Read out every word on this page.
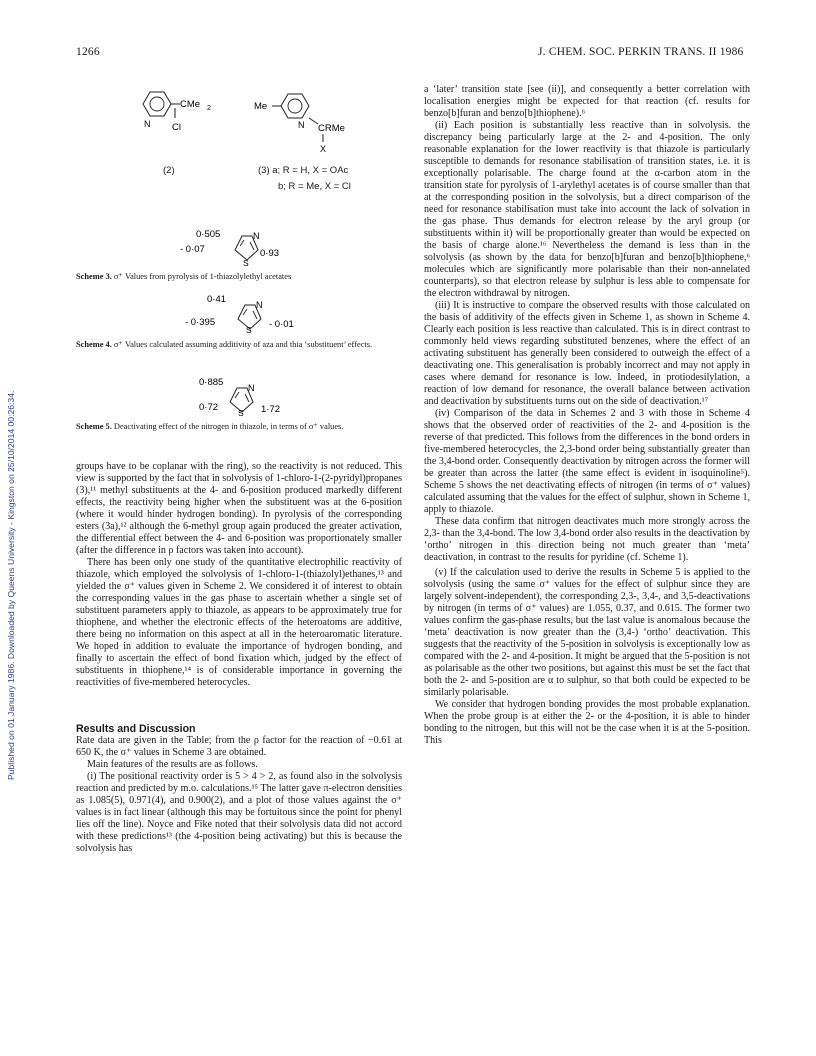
1266	J. CHEM. SOC. PERKIN TRANS. II 1986
Published on 01 January 1986. Downloaded by Queens University - Kingston on 25/10/2014 00:26:34.
CMe 2
N Cl
(2)
Me
N CRMe
X
(3) a; R = H, X = OAc
b; R = Me, X = Cl
0·505
- 0·07	0·93
N
S
Scheme 3. σ⁺ Values from pyrolysis of 1-thiazolylethyl acetates
0·41
- 0·395	- 0·01
N
S
Scheme 4. σ⁺ Values calculated assuming additivity of aza and thia ‘substituent’ effects.
0·885
0·72	1·72
N
S
Scheme 5. Deactivating effect of the nitrogen in thiazole, in terms of σ⁺ values.

groups have to be coplanar with the ring), so the reactivity is not reduced. This view is supported by the fact that in solvolysis of 1-chloro-1-(2-pyridyl)propanes (3),¹¹ methyl substituents at the 4- and 6-position produced markedly different effects, the reactivity being higher when the substituent was at the 6-position (where it would hinder hydrogen bonding). In pyrolysis of the corresponding esters (3a),¹² although the 6-methyl group again produced the greater activation, the differential effect between the 4- and 6-position was proportionately smaller (after the difference in ρ factors was taken into account).

There has been only one study of the quantitative electrophilic reactivity of thiazole, which employed the solvolysis of 1-chloro-1-(thiazolyl)ethanes,¹³ and yielded the σ⁺ values given in Scheme 2. We considered it of interest to obtain the corresponding values in the gas phase to ascertain whether a single set of substituent parameters apply to thiazole, as appears to be approximately true for thiophene, and whether the electronic effects of the heteroatoms are additive, there being no information on this aspect at all in the heteroaromatic literature. We hoped in addition to evaluate the importance of hydrogen bonding, and finally to ascertain the effect of bond fixation which, judged by the effect of substituents in thiophene,¹⁴ is of considerable importance in governing the reactivities of five-membered heterocycles.

Results and Discussion

Rate data are given in the Table; from the ρ factor for the reaction of −0.61 at 650 K, the σ⁺ values in Scheme 3 are obtained.

Main features of the results are as follows.

(i) The positional reactivity order is 5 > 4 > 2, as found also in the solvolysis reaction and predicted by m.o. calculations.¹⁵ The latter gave π-electron densities as 1.085(5), 0.971(4), and 0.900(2), and a plot of those values against the σ⁺ values is in fact linear (although this may be fortuitous since the point for phenyl lies off the line). Noyce and Fike noted that their solvolysis data did not accord with these predictions¹³ (the 4-position being activating) but this is because the solvolysis has

a ‘later’ transition state [see (ii)], and consequently a better correlation with localisation energies might be expected for that reaction (cf. results for benzo[b]furan and benzo[b]thiophene).⁶

(ii) Each position is substantially less reactive than in solvolysis. the discrepancy being particularly large at the 2- and 4-position. The only reasonable explanation for the lower reactivity is that thiazole is particularly susceptible to demands for resonance stabilisation of transition states, i.e. it is exceptionally polarisable. The charge found at the α-carbon atom in the transition state for pyrolysis of 1-arylethyl acetates is of course smaller than that at the corresponding position in the solvolysis, but a direct comparison of the need for resonance stabilisation must take into account the lack of solvation in the gas phase. Thus demands for electron release by the aryl group (or substituents within it) will be proportionally greater than would be expected on the basis of charge alone.¹⁶ Nevertheless the demand is less than in the solvolysis (as shown by the data for benzo[b]furan and benzo[b]thiophene,⁶ molecules which are significantly more polarisable than their non-annelated counterparts), so that electron release by sulphur is less able to compensate for the electron withdrawal by nitrogen.

(iii) It is instructive to compare the observed results with those calculated on the basis of additivity of the effects given in Scheme 1, as shown in Scheme 4. Clearly each position is less reactive than calculated. This is in direct contrast to commonly held views regarding substituted benzenes, where the effect of an activating substituent has generally been considered to outweigh the effect of a deactivating one. This generalisation is probably incorrect and may not apply in cases where demand for resonance is low. Indeed, in protiodesilylation, a reaction of low demand for resonance, the overall balance between activation and deactivation by substituents turns out on the side of deactivation.¹⁷

(iv) Comparison of the data in Schemes 2 and 3 with those in Scheme 4 shows that the observed order of reactivities of the 2- and 4-position is the reverse of that predicted. This follows from the differences in the bond orders in five-membered heterocycles, the 2,3-bond order being substantially greater than the 3,4-bond order. Consequently deactivation by nitrogen across the former will be greater than across the latter (the same effect is evident in isoquinoline⁵). Scheme 5 shows the net deactivating effects of nitrogen (in terms of σ⁺ values) calculated assuming that the values for the effect of sulphur, shown in Scheme 1, apply to thiazole.

These data confirm that nitrogen deactivates much more strongly across the 2,3- than the 3,4-bond. The low 3,4-bond order also results in the deactivation by ‘ortho’ nitrogen in this direction being not much greater than ‘meta’ deactivation, in contrast to the results for pyridine (cf. Scheme 1).

(v) If the calculation used to derive the results in Scheme 5 is applied to the solvolysis (using the same σ⁺ values for the effect of sulphur since they are largely solvent-independent), the corresponding 2,3-, 3,4-, and 3,5-deactivations by nitrogen (in terms of σ⁺ values) are 1.055, 0.37, and 0.615. The former two values confirm the gas-phase results, but the last value is anomalous because the ‘meta’ deactivation is now greater than the (3,4-) ‘ortho’ deactivation. This suggests that the reactivity of the 5-position in solvolysis is exceptionally low as compared with the 2- and 4-position. It might be argued that the 5-position is not as polarisable as the other two positions, but against this must be set the fact that both the 2- and 5-position are α to sulphur, so that both could be expected to be similarly polarisable.

We consider that hydrogen bonding provides the most probable explanation. When the probe group is at either the 2- or the 4-position, it is able to hinder bonding to the nitrogen, but this will not be the case when it is at the 5-position. This
